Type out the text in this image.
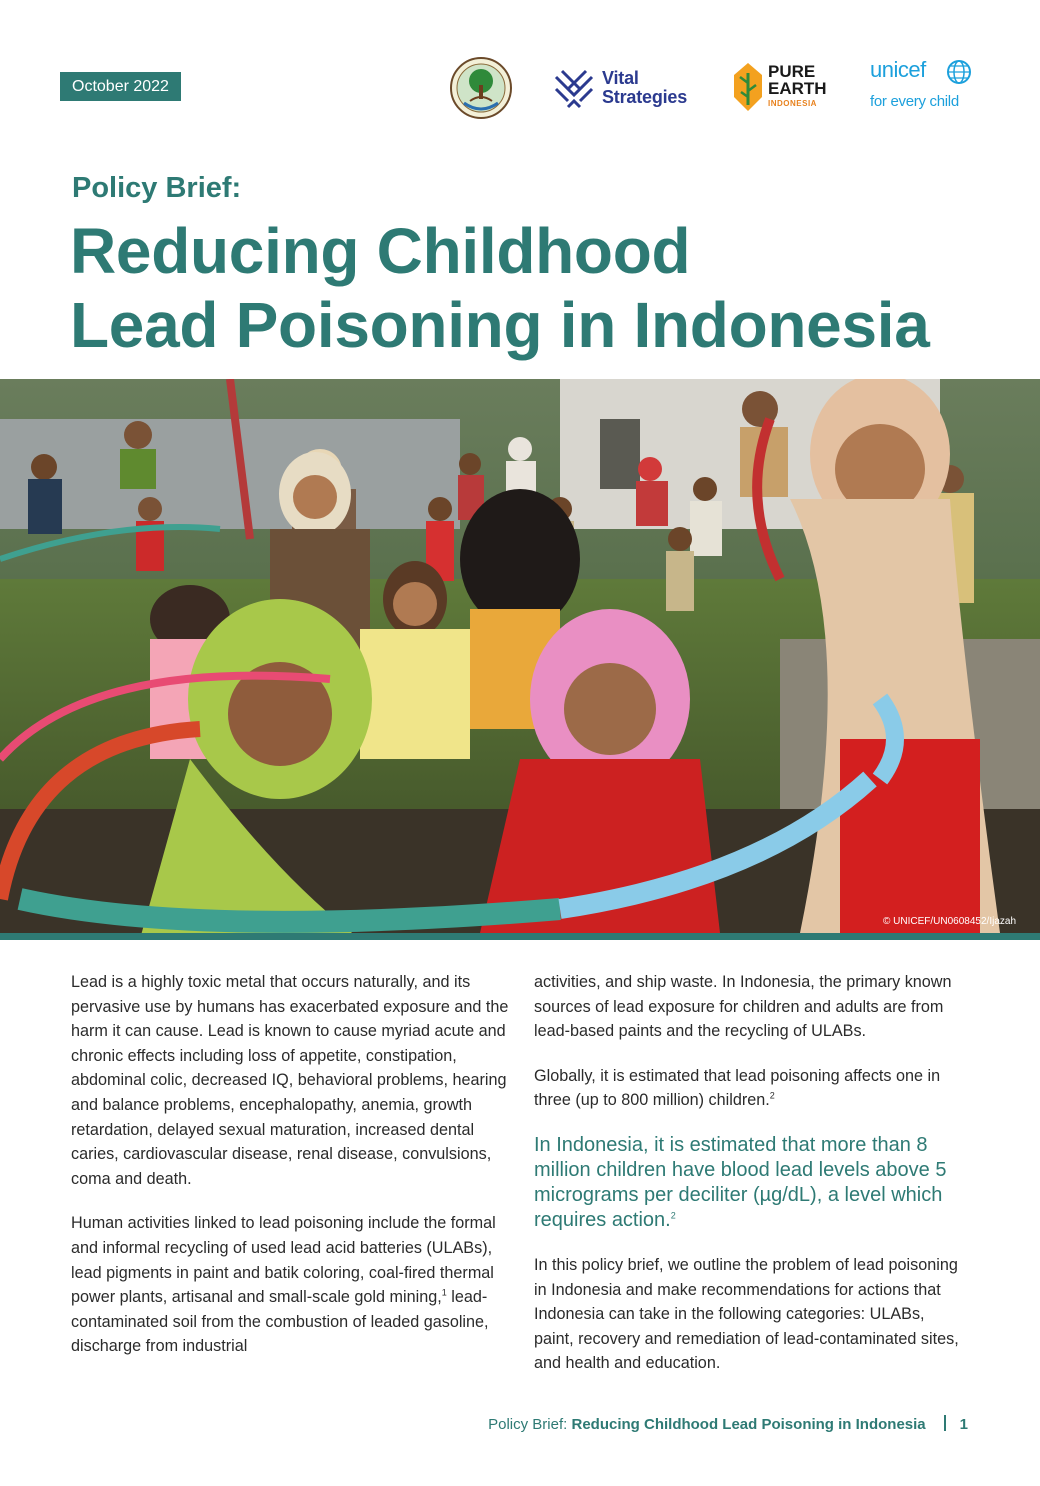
October 2022	Vital
Strategies
PURE
EARTH
INDONESIA
unicef
for every child
Policy Brief:
Reducing Childhood
Lead Poisoning in Indonesia
© UNICEF/UN0608452/Ijazah

Lead is a highly toxic metal that occurs naturally, and its pervasive use by humans has exacerbated exposure and the harm it can cause. Lead is known to cause myriad acute and chronic effects including loss of appetite, constipation, abdominal colic, decreased IQ, behavioral problems, hearing and balance problems, encephalopathy, anemia, growth retardation, delayed sexual maturation, increased dental caries, cardiovascular disease, renal disease, convulsions, coma and death.

Human activities linked to lead poisoning include the formal and informal recycling of used lead acid batteries (ULABs), lead pigments in paint and batik coloring, coal-fired thermal power plants, artisanal and small-scale gold mining,$^1$ lead-contaminated soil from the combustion of leaded gasoline, discharge from industrial

activities, and ship waste. In Indonesia, the primary known sources of lead exposure for children and adults are from lead-based paints and the recycling of ULABs.

Globally, it is estimated that lead poisoning affects one in three (up to 800 million) children.$^2$

In Indonesia, it is estimated that more than 8 million children have blood lead levels above 5 micrograms per deciliter (µg/dL), a level which requires action.$^2$

In this policy brief, we outline the problem of lead poisoning in Indonesia and make recommendations for actions that Indonesia can take in the following categories: ULABs, paint, recovery and remediation of lead-contaminated sites, and health and education.

Policy Brief: Reducing Childhood Lead Poisoning in Indonesia 1
